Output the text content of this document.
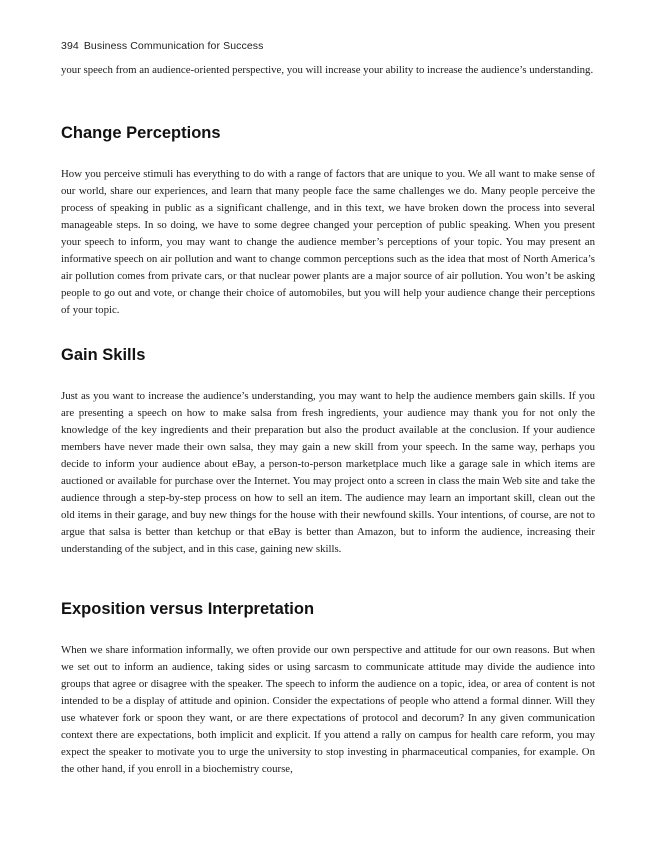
394 Business Communication for Success

your speech from an audience-oriented perspective, you will increase your ability to increase the audience’s understanding.

Change Perceptions

How you perceive stimuli has everything to do with a range of factors that are unique to you. We all want to make sense of our world, share our experiences, and learn that many people face the same challenges we do. Many people perceive the process of speaking in public as a significant challenge, and in this text, we have broken down the process into several manageable steps. In so doing, we have to some degree changed your perception of public speaking. When you present your speech to inform, you may want to change the audience member’s perceptions of your topic. You may present an informative speech on air pollution and want to change common perceptions such as the idea that most of North America’s air pollution comes from private cars, or that nuclear power plants are a major source of air pollution. You won’t be asking people to go out and vote, or change their choice of automobiles, but you will help your audience change their perceptions of your topic.

Gain Skills

Just as you want to increase the audience’s understanding, you may want to help the audience members gain skills. If you are presenting a speech on how to make salsa from fresh ingredients, your audience may thank you for not only the knowledge of the key ingredients and their preparation but also the product available at the conclusion. If your audience members have never made their own salsa, they may gain a new skill from your speech. In the same way, perhaps you decide to inform your audience about eBay, a person-to-person marketplace much like a garage sale in which items are auctioned or available for purchase over the Internet. You may project onto a screen in class the main Web site and take the audience through a step-by-step process on how to sell an item. The audience may learn an important skill, clean out the old items in their garage, and buy new things for the house with their newfound skills. Your intentions, of course, are not to argue that salsa is better than ketchup or that eBay is better than Amazon, but to inform the audience, increasing their understanding of the subject, and in this case, gaining new skills.

Exposition versus Interpretation

When we share information informally, we often provide our own perspective and attitude for our own reasons. But when we set out to inform an audience, taking sides or using sarcasm to communicate attitude may divide the audience into groups that agree or disagree with the speaker. The speech to inform the audience on a topic, idea, or area of content is not intended to be a display of attitude and opinion. Consider the expectations of people who attend a formal dinner. Will they use whatever fork or spoon they want, or are there expectations of protocol and decorum? In any given communication context there are expectations, both implicit and explicit. If you attend a rally on campus for health care reform, you may expect the speaker to motivate you to urge the university to stop investing in pharmaceutical companies, for example. On the other hand, if you enroll in a biochemistry course,
